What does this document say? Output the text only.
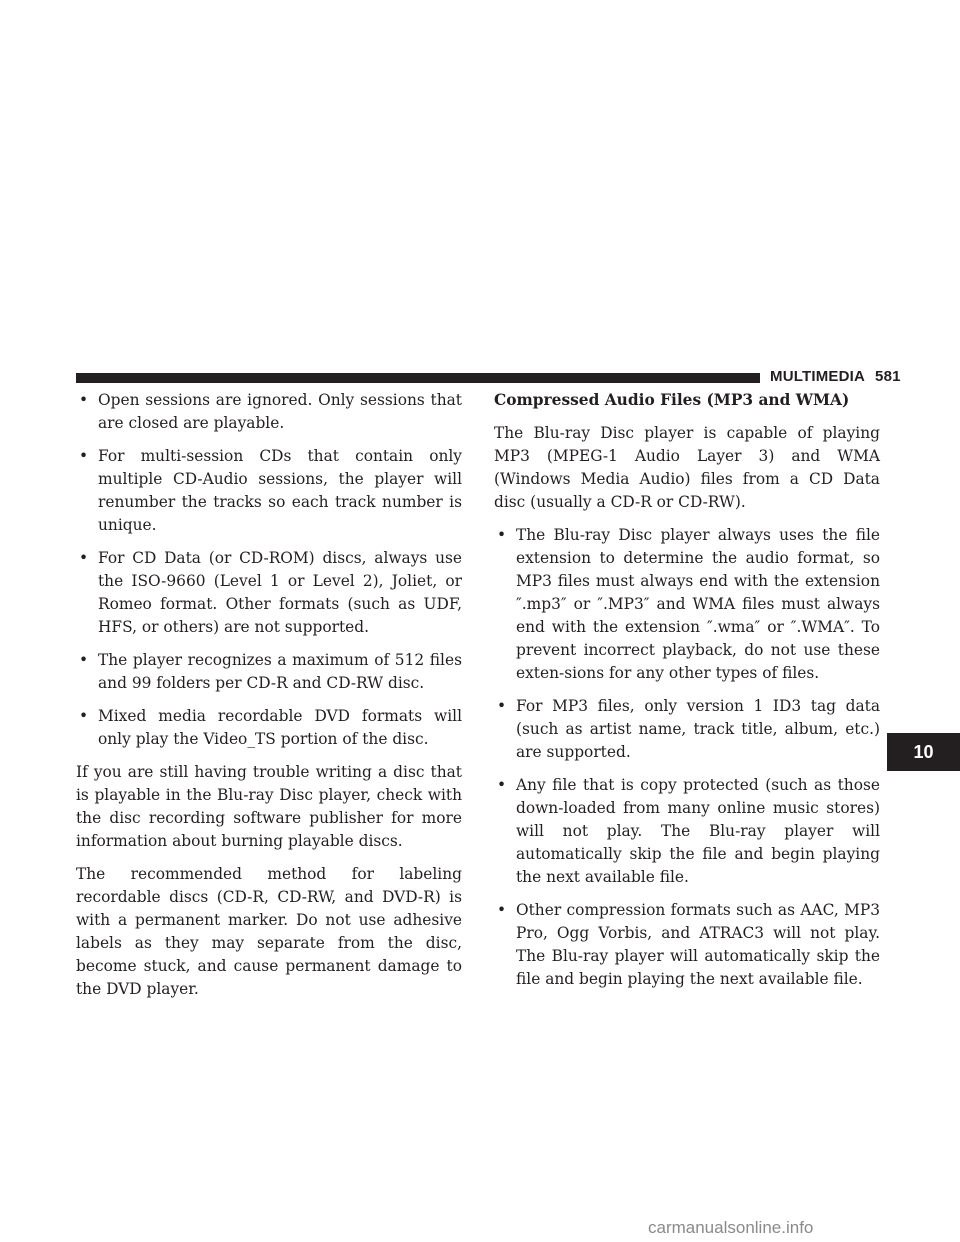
MULTIMEDIA 581
10
• Open sessions are ignored. Only sessions that are closed are playable.
• For multi-session CDs that contain only multiple CD-Audio sessions, the player will renumber the tracks so each track number is unique.
• For CD Data (or CD-ROM) discs, always use the ISO-9660 (Level 1 or Level 2), Joliet, or Romeo format. Other formats (such as UDF, HFS, or others) are not supported.
• The player recognizes a maximum of 512 files and 99 folders per CD-R and CD-RW disc.
• Mixed media recordable DVD formats will only play the Video_TS portion of the disc.

If you are still having trouble writing a disc that is playable in the Blu-ray Disc player, check with the disc recording software publisher for more information about burning playable discs.

The recommended method for labeling recordable discs (CD-R, CD-RW, and DVD-R) is with a permanent marker. Do not use adhesive labels as they may separate from the disc, become stuck, and cause permanent damage to the DVD player.

Compressed Audio Files (MP3 and WMA)

The Blu-ray Disc player is capable of playing MP3 (MPEG-1 Audio Layer 3) and WMA (Windows Media Audio) files from a CD Data disc (usually a CD-R or CD-RW).

• The Blu-ray Disc player always uses the file extension to determine the audio format, so MP3 files must always end with the extension ″.mp3″ or ″.MP3″ and WMA files must always end with the extension ″.wma″ or ″.WMA″. To prevent incorrect playback, do not use these exten-sions for any other types of files.
• For MP3 files, only version 1 ID3 tag data (such as artist name, track title, album, etc.) are supported.
• Any file that is copy protected (such as those down-loaded from many online music stores) will not play. The Blu-ray player will automatically skip the file and begin playing the next available file.
• Other compression formats such as AAC, MP3 Pro, Ogg Vorbis, and ATRAC3 will not play. The Blu-ray player will automatically skip the file and begin playing the next available file.
carmanualsonline.info
